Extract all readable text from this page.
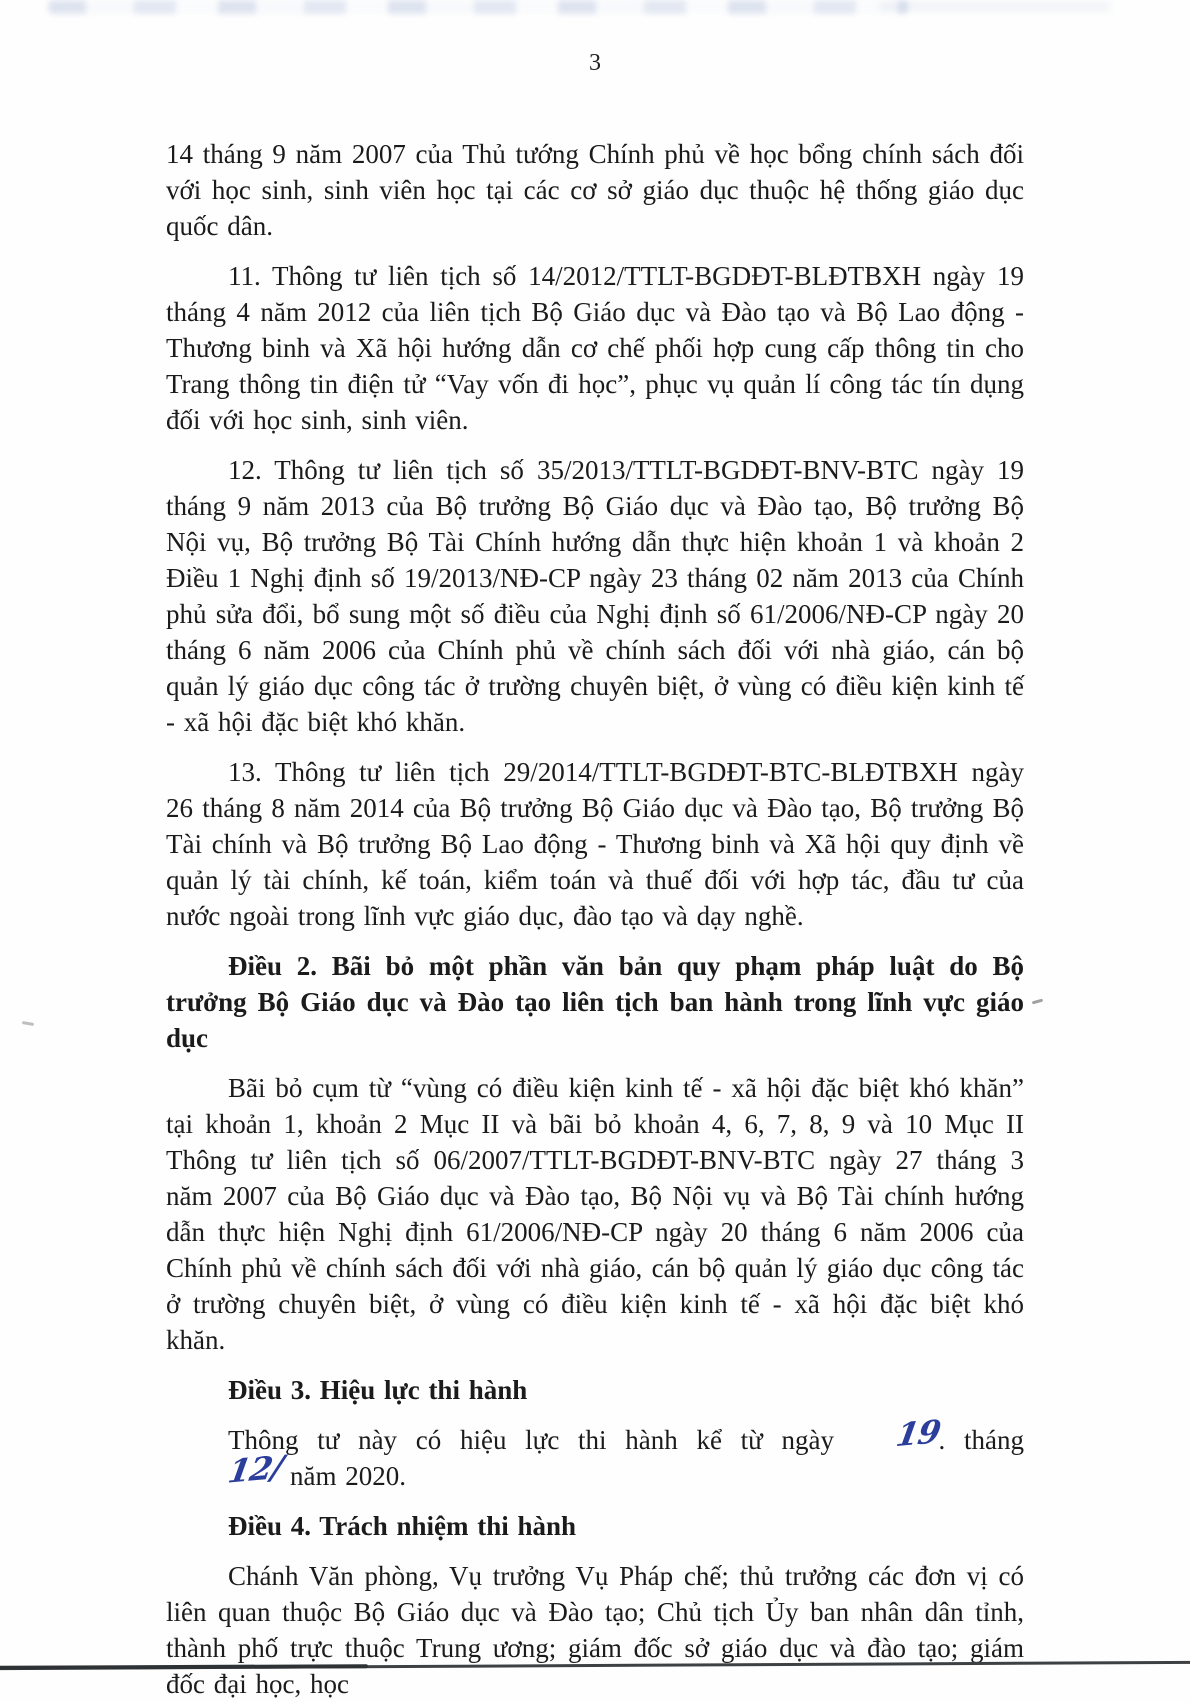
3

14 tháng 9 năm 2007 của Thủ tướng Chính phủ về học bổng chính sách đối với học sinh, sinh viên học tại các cơ sở giáo dục thuộc hệ thống giáo dục quốc dân.

11. Thông tư liên tịch số 14/2012/TTLT-BGDĐT-BLĐTBXH ngày 19 tháng 4 năm 2012 của liên tịch Bộ Giáo dục và Đào tạo và Bộ Lao động - Thương binh và Xã hội hướng dẫn cơ chế phối hợp cung cấp thông tin cho Trang thông tin điện tử “Vay vốn đi học”, phục vụ quản lí công tác tín dụng đối với học sinh, sinh viên.

12. Thông tư liên tịch số 35/2013/TTLT-BGDĐT-BNV-BTC ngày 19 tháng 9 năm 2013 của Bộ trưởng Bộ Giáo dục và Đào tạo, Bộ trưởng Bộ Nội vụ, Bộ trưởng Bộ Tài Chính hướng dẫn thực hiện khoản 1 và khoản 2 Điều 1 Nghị định số 19/2013/NĐ-CP ngày 23 tháng 02 năm 2013 của Chính phủ sửa đổi, bổ sung một số điều của Nghị định số 61/2006/NĐ-CP ngày 20 tháng 6 năm 2006 của Chính phủ về chính sách đối với nhà giáo, cán bộ quản lý giáo dục công tác ở trường chuyên biệt, ở vùng có điều kiện kinh tế - xã hội đặc biệt khó khăn.

13. Thông tư liên tịch 29/2014/TTLT-BGDĐT-BTC-BLĐTBXH ngày 26 tháng 8 năm 2014 của Bộ trưởng Bộ Giáo dục và Đào tạo, Bộ trưởng Bộ Tài chính và Bộ trưởng Bộ Lao động - Thương binh và Xã hội quy định về quản lý tài chính, kế toán, kiểm toán và thuế đối với hợp tác, đầu tư của nước ngoài trong lĩnh vực giáo dục, đào tạo và dạy nghề.

Điều 2. Bãi bỏ một phần văn bản quy phạm pháp luật do Bộ trưởng Bộ Giáo dục và Đào tạo liên tịch ban hành trong lĩnh vực giáo dục

Bãi bỏ cụm từ “vùng có điều kiện kinh tế - xã hội đặc biệt khó khăn” tại khoản 1, khoản 2 Mục II và bãi bỏ khoản 4, 6, 7, 8, 9 và 10 Mục II Thông tư liên tịch số 06/2007/TTLT-BGDĐT-BNV-BTC ngày 27 tháng 3 năm 2007 của Bộ Giáo dục và Đào tạo, Bộ Nội vụ và Bộ Tài chính hướng dẫn thực hiện Nghị định 61/2006/NĐ-CP ngày 20 tháng 6 năm 2006 của Chính phủ về chính sách đối với nhà giáo, cán bộ quản lý giáo dục công tác ở trường chuyên biệt, ở vùng có điều kiện kinh tế - xã hội đặc biệt khó khăn.

Điều 3. Hiệu lực thi hành

Thông tư này có hiệu lực thi hành kể từ ngày 19. tháng12/ năm 2020.

Điều 4. Trách nhiệm thi hành

Chánh Văn phòng, Vụ trưởng Vụ Pháp chế; thủ trưởng các đơn vị có liên quan thuộc Bộ Giáo dục và Đào tạo; Chủ tịch Ủy ban nhân dân tỉnh, thành phố trực thuộc Trung ương; giám đốc sở giáo dục và đào tạo; giám đốc đại học, học
